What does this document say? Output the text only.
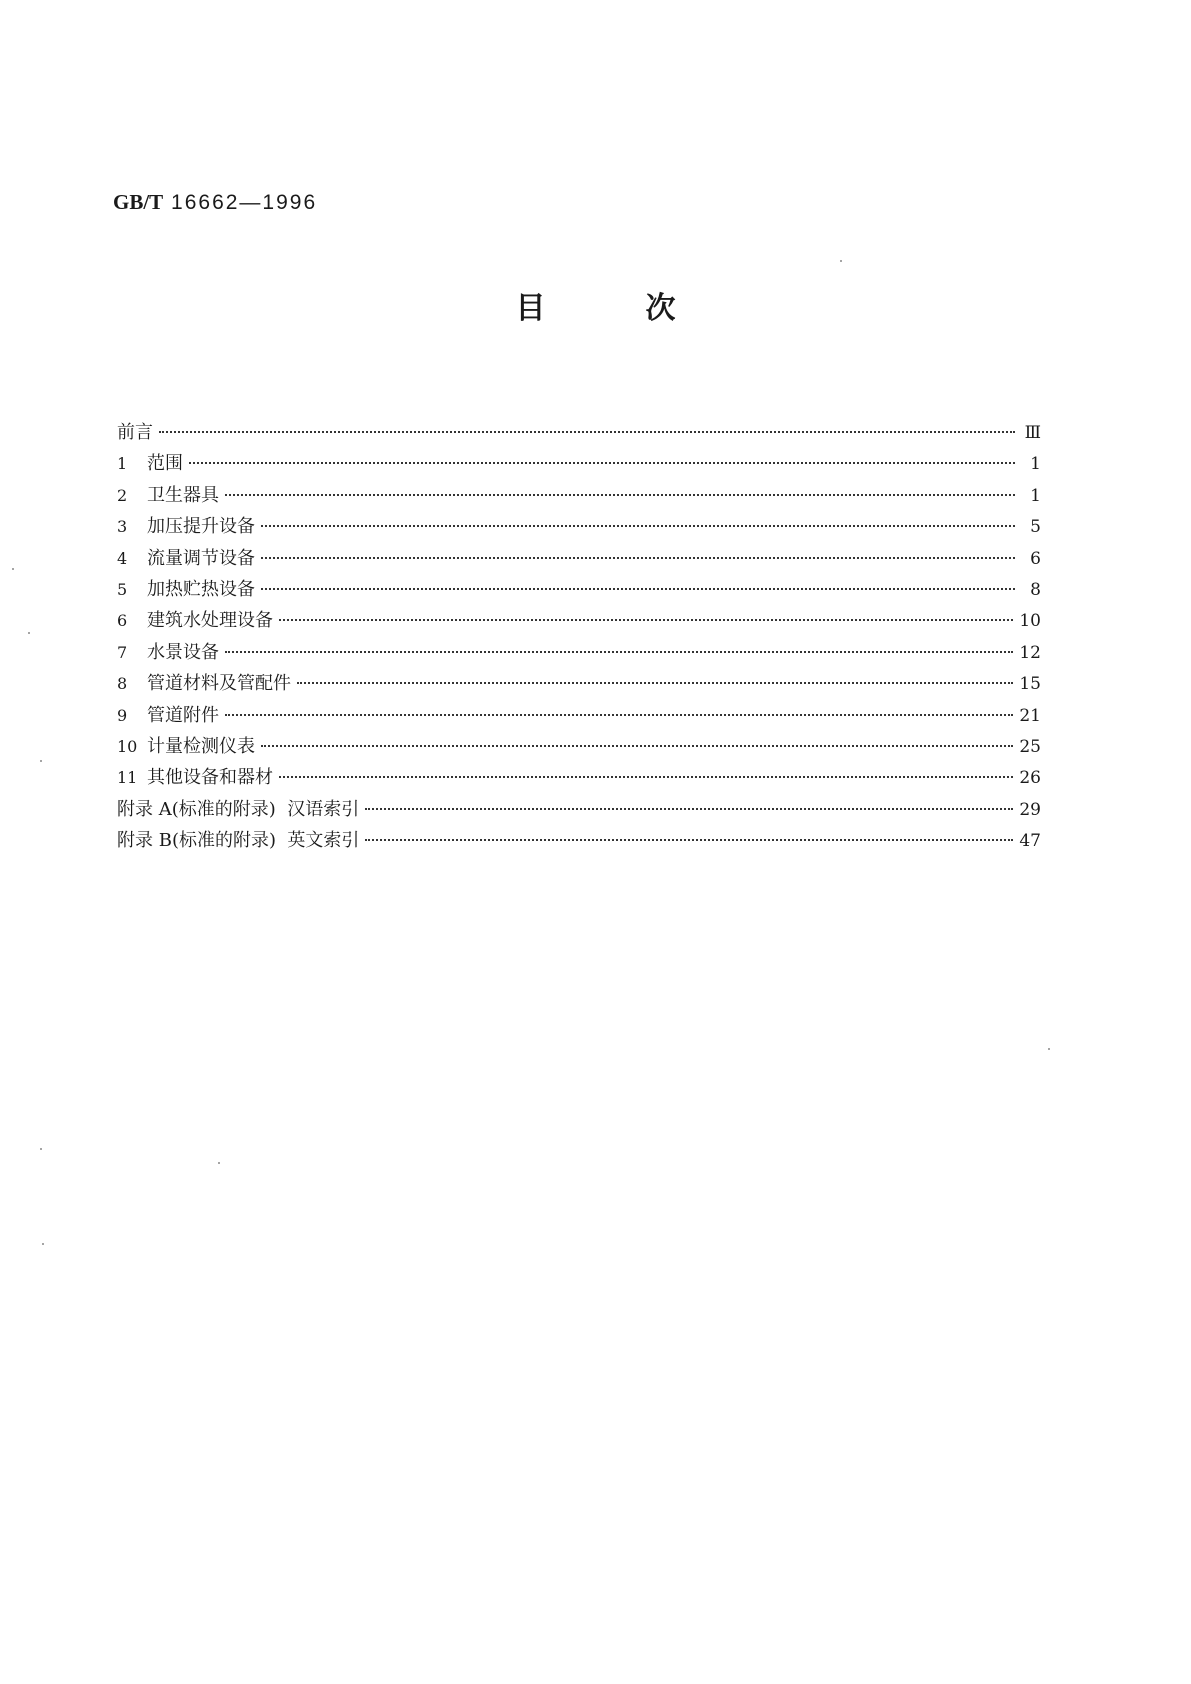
GB/T 16662—1996
目	次
前言	Ⅲ
1	范围	1
2	卫生器具	1
3	加压提升设备	5
4	流量调节设备	6
5	加热贮热设备	8
6	建筑水处理设备	10
7	水景设备	12
8	管道材料及管配件	15
9	管道附件	21
10 计量检测仪表	25
11 其他设备和器材	26
附录 A(标准的附录)  汉语索引	29
附录 B(标准的附录)  英文索引	47
